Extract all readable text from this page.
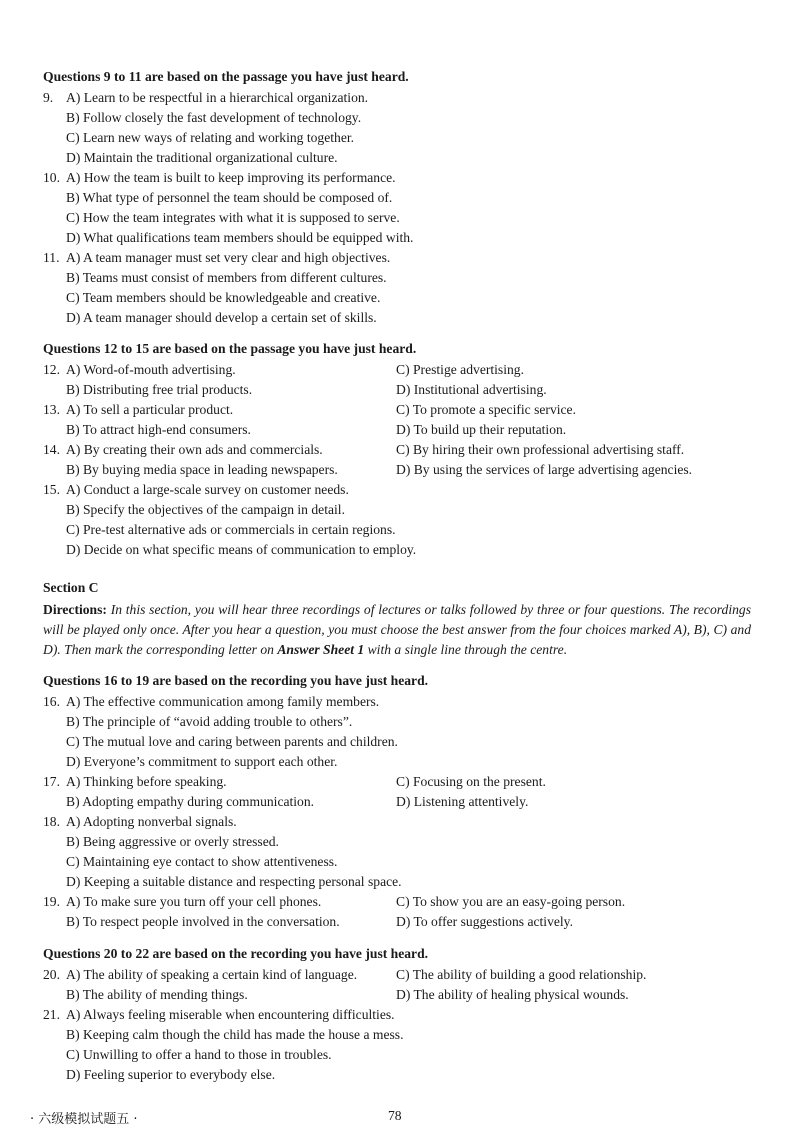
Questions 9 to 11 are based on the passage you have just heard.
9. A) Learn to be respectful in a hierarchical organization.
B) Follow closely the fast development of technology.
C) Learn new ways of relating and working together.
D) Maintain the traditional organizational culture.
10. A) How the team is built to keep improving its performance.
B) What type of personnel the team should be composed of.
C) How the team integrates with what it is supposed to serve.
D) What qualifications team members should be equipped with.
11. A) A team manager must set very clear and high objectives.
B) Teams must consist of members from different cultures.
C) Team members should be knowledgeable and creative.
D) A team manager should develop a certain set of skills.
Questions 12 to 15 are based on the passage you have just heard.
12. A) Word-of-mouth advertising.
B) Distributing free trial products.
C) Prestige advertising.
D) Institutional advertising.
13. A) To sell a particular product.
B) To attract high-end consumers.
C) To promote a specific service.
D) To build up their reputation.
14. A) By creating their own ads and commercials.
B) By buying media space in leading newspapers.
C) By hiring their own professional advertising staff.
D) By using the services of large advertising agencies.
15. A) Conduct a large-scale survey on customer needs.
B) Specify the objectives of the campaign in detail.
C) Pre-test alternative ads or commercials in certain regions.
D) Decide on what specific means of communication to employ.
Section C
Directions: In this section, you will hear three recordings of lectures or talks followed by three or four questions. The recordings will be played only once. After you hear a question, you must choose the best answer from the four choices marked A), B), C) and D). Then mark the corresponding letter on Answer Sheet 1 with a single line through the centre.
Questions 16 to 19 are based on the recording you have just heard.
16. A) The effective communication among family members.
B) The principle of “avoid adding trouble to others”.
C) The mutual love and caring between parents and children.
D) Everyone’s commitment to support each other.
17. A) Thinking before speaking.
B) Adopting empathy during communication.
C) Focusing on the present.
D) Listening attentively.
18. A) Adopting nonverbal signals.
B) Being aggressive or overly stressed.
C) Maintaining eye contact to show attentiveness.
D) Keeping a suitable distance and respecting personal space.
19. A) To make sure you turn off your cell phones.
B) To respect people involved in the conversation.
C) To show you are an easy-going person.
D) To offer suggestions actively.
Questions 20 to 22 are based on the recording you have just heard.
20. A) The ability of speaking a certain kind of language.
B) The ability of mending things.
C) The ability of building a good relationship.
D) The ability of healing physical wounds.
21. A) Always feeling miserable when encountering difficulties.
B) Keeping calm though the child has made the house a mess.
C) Unwilling to offer a hand to those in troubles.
D) Feeling superior to everybody else.
· 六级模拟试题五 ·	78
